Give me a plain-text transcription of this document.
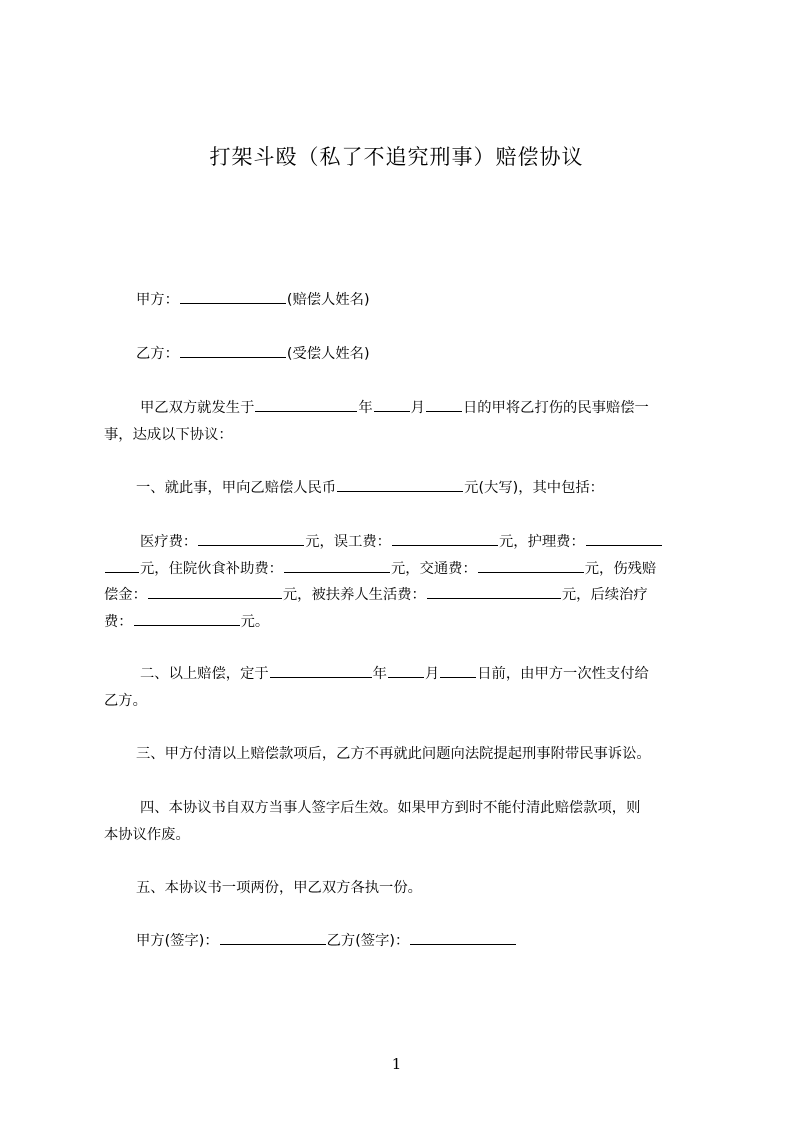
打架斗殴（私了不追究刑事）赔偿协议
甲方：	(赔偿人姓名)
乙方：	(受偿人姓名)
甲乙双方就发生于	年	月	日的甲将乙打伤的民事赔偿一
事，达成以下协议：
一、就此事，甲向乙赔偿人民币	元(大写)，其中包括：
医疗费：	元，误工费：	元，护理费：
元，住院伙食补助费：	元，交通费：	元，伤残赔
偿金：	元，被扶养人生活费：	元，后续治疗
费：	元。
二、以上赔偿，定于	年	月	日前，由甲方一次性支付给
乙方。
三、甲方付清以上赔偿款项后，乙方不再就此问题向法院提起刑事附带民事诉讼。
四、本协议书自双方当事人签字后生效。如果甲方到时不能付清此赔偿款项，则
本协议作废。
五、本协议书一项两份，甲乙双方各执一份。
甲方(签字)：	乙方(签字)：
1
